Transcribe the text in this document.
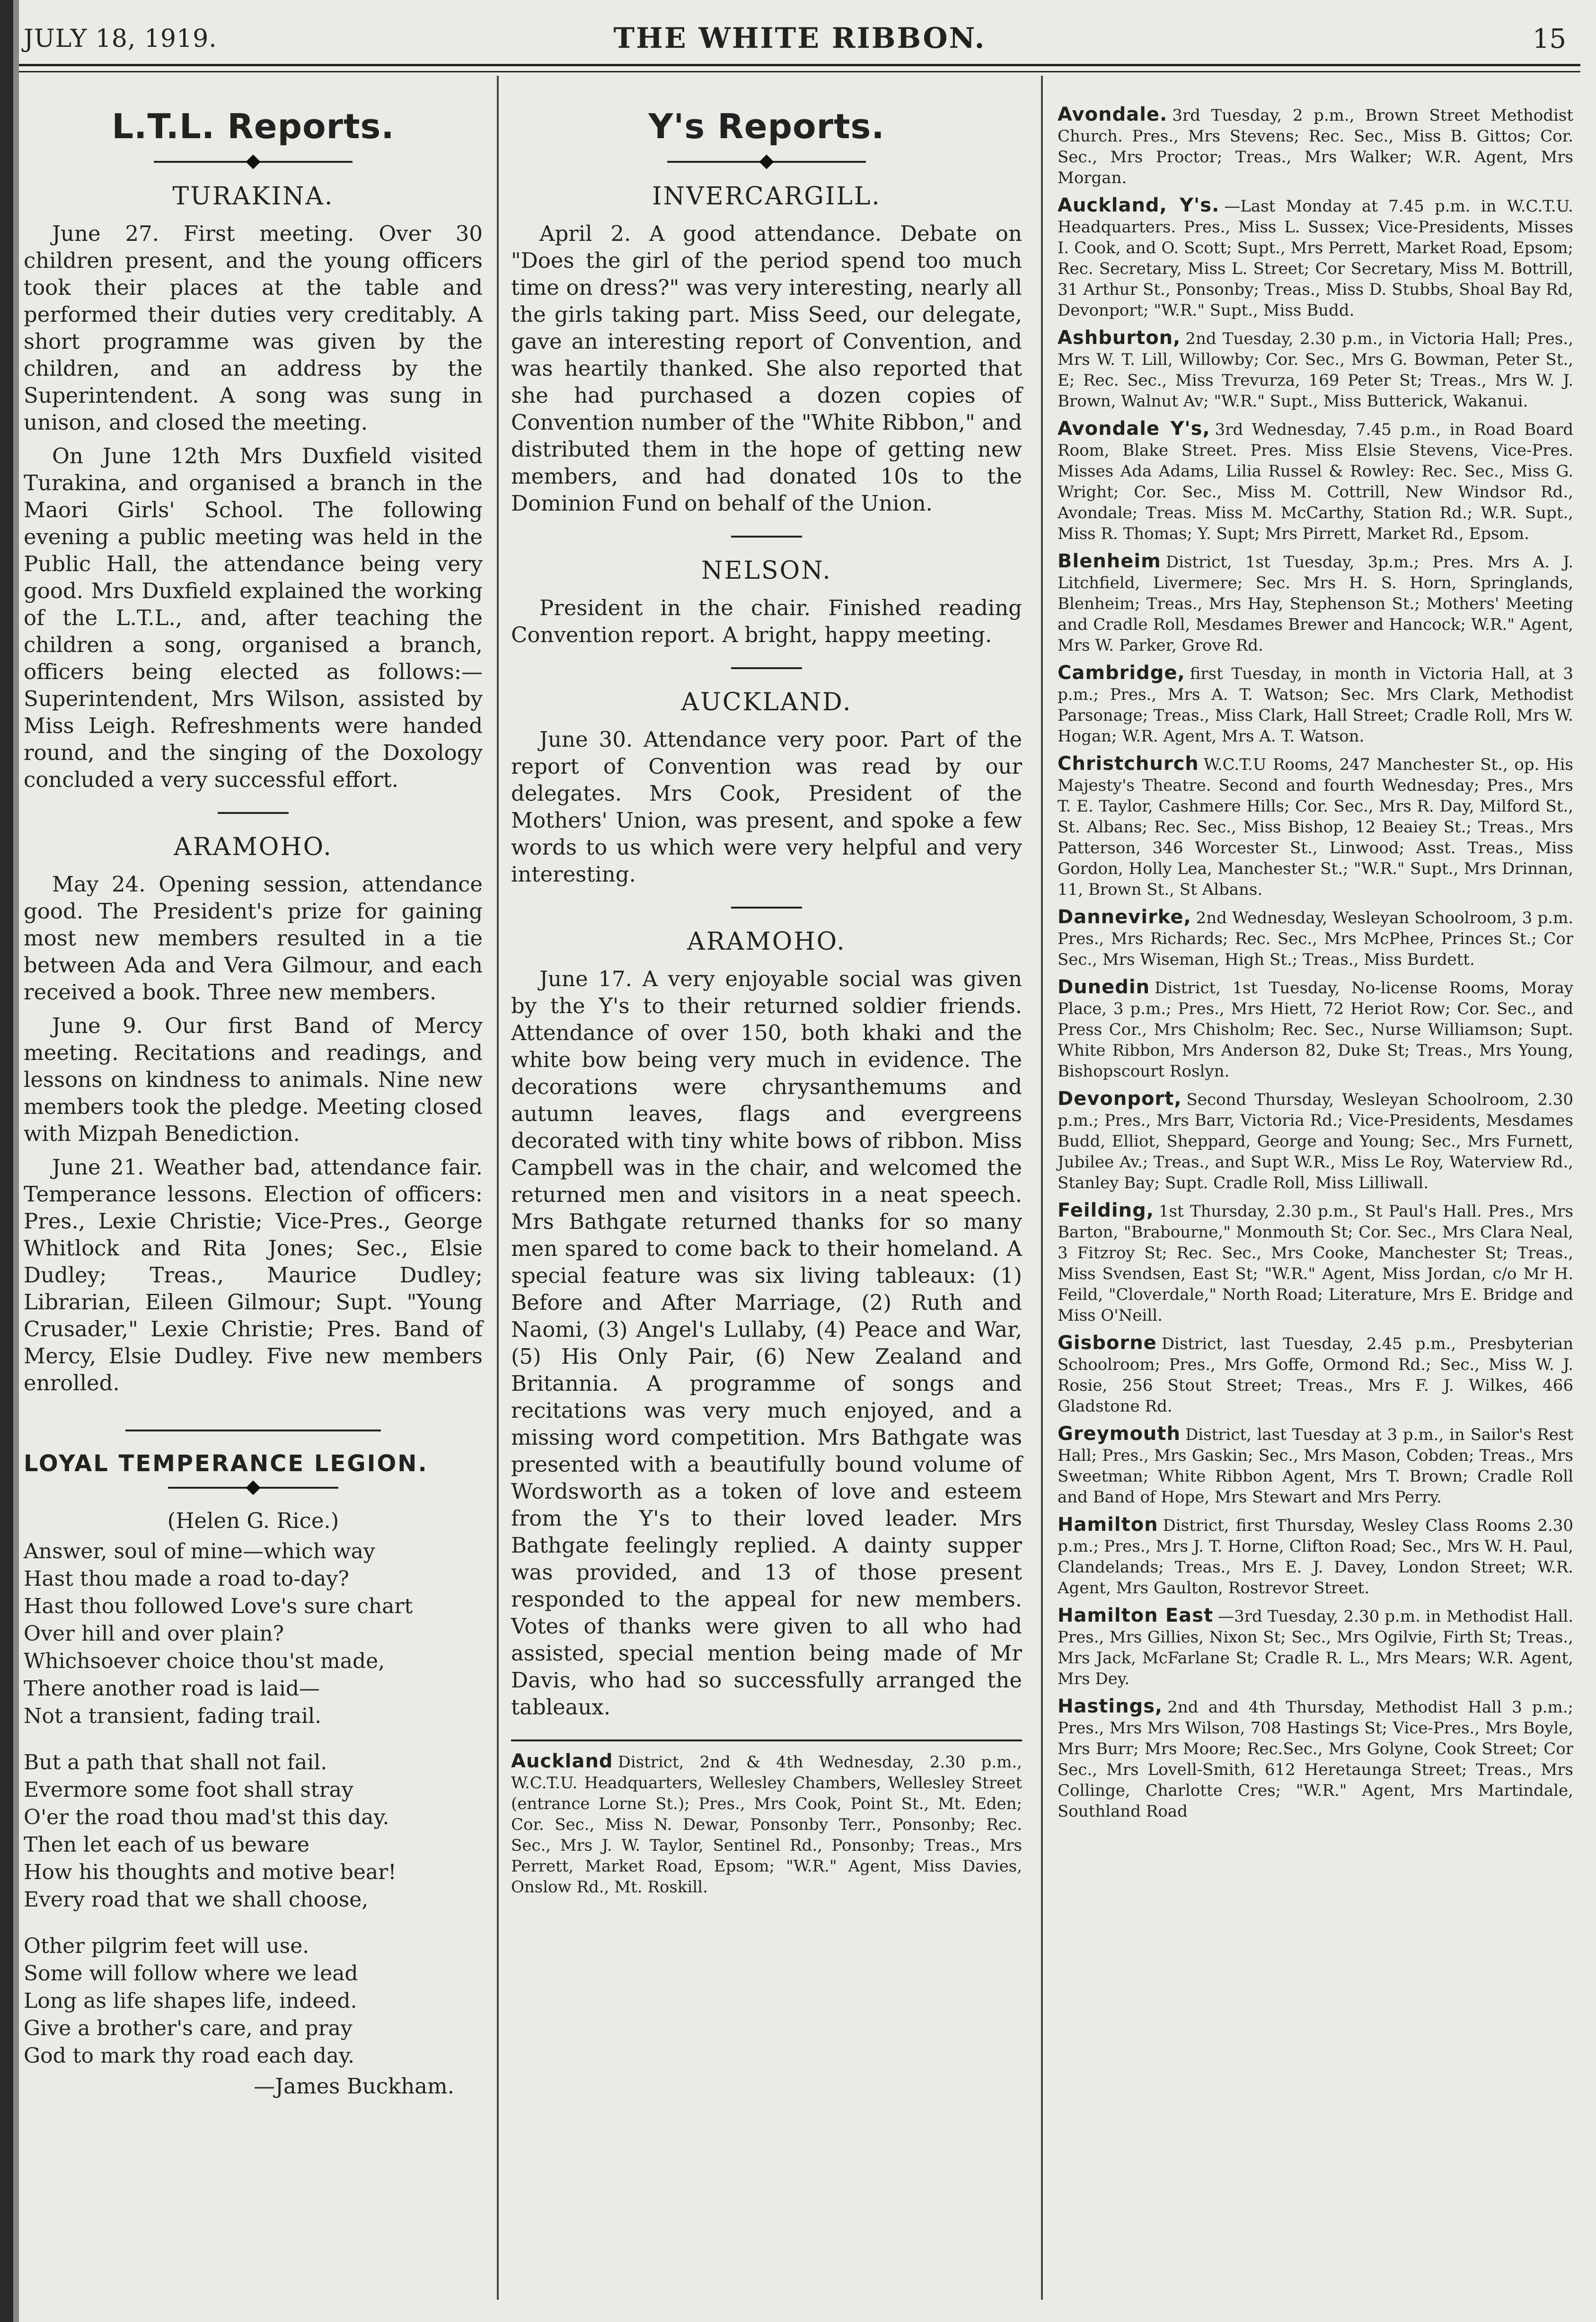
JULY 18, 1919.	THE WHITE RIBBON.	15
L.T.L. Reports.
TURAKINA.

June 27. First meeting. Over 30 children present, and the young officers took their places at the table and performed their duties very creditably. A short programme was given by the children, and an address by the Superintendent. A song was sung in unison, and closed the meeting.

On June 12th Mrs Duxfield visited Turakina, and organised a branch in the Maori Girls' School. The following evening a public meeting was held in the Public Hall, the attendance being very good. Mrs Duxfield explained the working of the L.T.L., and, after teaching the children a song, organised a branch, officers being elected as follows:— Superintendent, Mrs Wilson, assisted by Miss Leigh. Refreshments were handed round, and the singing of the Doxology concluded a very successful effort.

ARAMOHO.

May 24. Opening session, attendance good. The President's prize for gaining most new members resulted in a tie between Ada and Vera Gilmour, and each received a book. Three new members.

June 9. Our first Band of Mercy meeting. Recitations and readings, and lessons on kindness to animals. Nine new members took the pledge. Meeting closed with Mizpah Benediction.

June 21. Weather bad, attendance fair. Temperance lessons. Election of officers: Pres., Lexie Christie; Vice-Pres., George Whitlock and Rita Jones; Sec., Elsie Dudley; Treas., Maurice Dudley; Librarian, Eileen Gilmour; Supt. "Young Crusader," Lexie Christie; Pres. Band of Mercy, Elsie Dudley. Five new members enrolled.

LOYAL TEMPERANCE LEGION.
(Helen G. Rice.)
Answer, soul of mine—which way
Hast thou made a road to-day?
Hast thou followed Love's sure chart
Over hill and over plain?
Whichsoever choice thou'st made,
There another road is laid—
Not a transient, fading trail.
But a path that shall not fail.
Evermore some foot shall stray
O'er the road thou mad'st this day.
Then let each of us beware
How his thoughts and motive bear!
Every road that we shall choose,
Other pilgrim feet will use.
Some will follow where we lead
Long as life shapes life, indeed.
Give a brother's care, and pray
God to mark thy road each day.
—James Buckham.
Y's Reports.
INVERCARGILL.

April 2. A good attendance. Debate on "Does the girl of the period spend too much time on dress?" was very interesting, nearly all the girls taking part. Miss Seed, our delegate, gave an interesting report of Convention, and was heartily thanked. She also reported that she had purchased a dozen copies of Convention number of the "White Ribbon," and distributed them in the hope of getting new members, and had donated 10s to the Dominion Fund on behalf of the Union.

NELSON.

President in the chair. Finished reading Convention report. A bright, happy meeting.

AUCKLAND.

June 30. Attendance very poor. Part of the report of Convention was read by our delegates. Mrs Cook, President of the Mothers' Union, was present, and spoke a few words to us which were very helpful and very interesting.

ARAMOHO.

June 17. A very enjoyable social was given by the Y's to their returned soldier friends. Attendance of over 150, both khaki and the white bow being very much in evidence. The decorations were chrysanthemums and autumn leaves, flags and evergreens decorated with tiny white bows of ribbon. Miss Campbell was in the chair, and welcomed the returned men and visitors in a neat speech. Mrs Bathgate returned thanks for so many men spared to come back to their homeland. A special feature was six living tableaux: (1) Before and After Marriage, (2) Ruth and Naomi, (3) Angel's Lullaby, (4) Peace and War, (5) His Only Pair, (6) New Zealand and Britannia. A programme of songs and recitations was very much enjoyed, and a missing word competition. Mrs Bathgate was presented with a beautifully bound volume of Wordsworth as a token of love and esteem from the Y's to their loved leader. Mrs Bathgate feelingly replied. A dainty supper was provided, and 13 of those present responded to the appeal for new members. Votes of thanks were given to all who had assisted, special mention being made of Mr Davis, who had so successfully arranged the tableaux.

Auckland District, 2nd & 4th Wednesday, 2.30 p.m., W.C.T.U. Headquarters, Wellesley Chambers, Wellesley Street (entrance Lorne St.); Pres., Mrs Cook, Point St., Mt. Eden; Cor. Sec., Miss N. Dewar, Ponsonby Terr., Ponsonby; Rec. Sec., Mrs J. W. Taylor, Sentinel Rd., Ponsonby; Treas., Mrs Perrett, Market Road, Epsom; "W.R." Agent, Miss Davies, Onslow Rd., Mt. Roskill.

Avondale. 3rd Tuesday, 2 p.m., Brown Street Methodist Church. Pres., Mrs Stevens; Rec. Sec., Miss B. Gittos; Cor. Sec., Mrs Proctor; Treas., Mrs Walker; W.R. Agent, Mrs Morgan.

Auckland, Y's. —Last Monday at 7.45 p.m. in W.C.T.U. Headquarters. Pres., Miss L. Sussex; Vice-Presidents, Misses I. Cook, and O. Scott; Supt., Mrs Perrett, Market Road, Epsom; Rec. Secretary, Miss L. Street; Cor Secretary, Miss M. Bottrill, 31 Arthur St., Ponsonby; Treas., Miss D. Stubbs, Shoal Bay Rd, Devonport; "W.R." Supt., Miss Budd.

Ashburton, 2nd Tuesday, 2.30 p.m., in Victoria Hall; Pres., Mrs W. T. Lill, Willowby; Cor. Sec., Mrs G. Bowman, Peter St., E; Rec. Sec., Miss Trevurza, 169 Peter St; Treas., Mrs W. J. Brown, Walnut Av; "W.R." Supt., Miss Butterick, Wakanui.

Avondale Y's, 3rd Wednesday, 7.45 p.m., in Road Board Room, Blake Street. Pres. Miss Elsie Stevens, Vice-Pres. Misses Ada Adams, Lilia Russel & Rowley: Rec. Sec., Miss G. Wright; Cor. Sec., Miss M. Cottrill, New Windsor Rd., Avondale; Treas. Miss M. McCarthy, Station Rd.; W.R. Supt., Miss R. Thomas; Y. Supt; Mrs Pirrett, Market Rd., Epsom.

Blenheim District, 1st Tuesday, 3p.m.; Pres. Mrs A. J. Litchfield, Livermere; Sec. Mrs H. S. Horn, Springlands, Blenheim; Treas., Mrs Hay, Stephenson St.; Mothers' Meeting and Cradle Roll, Mesdames Brewer and Hancock; W.R." Agent, Mrs W. Parker, Grove Rd.

Cambridge, first Tuesday, in month in Victoria Hall, at 3 p.m.; Pres., Mrs A. T. Watson; Sec. Mrs Clark, Methodist Parsonage; Treas., Miss Clark, Hall Street; Cradle Roll, Mrs W. Hogan; W.R. Agent, Mrs A. T. Watson.

Christchurch W.C.T.U Rooms, 247 Manchester St., op. His Majesty's Theatre. Second and fourth Wednesday; Pres., Mrs T. E. Taylor, Cashmere Hills; Cor. Sec., Mrs R. Day, Milford St., St. Albans; Rec. Sec., Miss Bishop, 12 Beaiey St.; Treas., Mrs Patterson, 346 Worcester St., Linwood; Asst. Treas., Miss Gordon, Holly Lea, Manchester St.; "W.R." Supt., Mrs Drinnan, 11, Brown St., St Albans.

Dannevirke, 2nd Wednesday, Wesleyan Schoolroom, 3 p.m. Pres., Mrs Richards; Rec. Sec., Mrs McPhee, Princes St.; Cor Sec., Mrs Wiseman, High St.; Treas., Miss Burdett.

Dunedin District, 1st Tuesday, No-license Rooms, Moray Place, 3 p.m.; Pres., Mrs Hiett, 72 Heriot Row; Cor. Sec., and Press Cor., Mrs Chisholm; Rec. Sec., Nurse Williamson; Supt. White Ribbon, Mrs Anderson 82, Duke St; Treas., Mrs Young, Bishopscourt Roslyn.

Devonport, Second Thursday, Wesleyan Schoolroom, 2.30 p.m.; Pres., Mrs Barr, Victoria Rd.; Vice-Presidents, Mesdames Budd, Elliot, Sheppard, George and Young; Sec., Mrs Furnett, Jubilee Av.; Treas., and Supt W.R., Miss Le Roy, Waterview Rd., Stanley Bay; Supt. Cradle Roll, Miss Lilliwall.

Feilding, 1st Thursday, 2.30 p.m., St Paul's Hall. Pres., Mrs Barton, "Brabourne," Monmouth St; Cor. Sec., Mrs Clara Neal, 3 Fitzroy St; Rec. Sec., Mrs Cooke, Manchester St; Treas., Miss Svendsen, East St; "W.R." Agent, Miss Jordan, c/o Mr H. Feild, "Cloverdale," North Road; Literature, Mrs E. Bridge and Miss O'Neill.

Gisborne District, last Tuesday, 2.45 p.m., Presbyterian Schoolroom; Pres., Mrs Goffe, Ormond Rd.; Sec., Miss W. J. Rosie, 256 Stout Street; Treas., Mrs F. J. Wilkes, 466 Gladstone Rd.

Greymouth District, last Tuesday at 3 p.m., in Sailor's Rest Hall; Pres., Mrs Gaskin; Sec., Mrs Mason, Cobden; Treas., Mrs Sweetman; White Ribbon Agent, Mrs T. Brown; Cradle Roll and Band of Hope, Mrs Stewart and Mrs Perry.

Hamilton District, first Thursday, Wesley Class Rooms 2.30 p.m.; Pres., Mrs J. T. Horne, Clifton Road; Sec., Mrs W. H. Paul, Clandelands; Treas., Mrs E. J. Davey, London Street; W.R. Agent, Mrs Gaulton, Rostrevor Street.

Hamilton East —3rd Tuesday, 2.30 p.m. in Methodist Hall. Pres., Mrs Gillies, Nixon St; Sec., Mrs Ogilvie, Firth St; Treas., Mrs Jack, McFarlane St; Cradle R. L., Mrs Mears; W.R. Agent, Mrs Dey.

Hastings, 2nd and 4th Thursday, Methodist Hall 3 p.m.; Pres., Mrs Mrs Wilson, 708 Hastings St; Vice-Pres., Mrs Boyle, Mrs Burr; Mrs Moore; Rec.Sec., Mrs Golyne, Cook Street; Cor Sec., Mrs Lovell-Smith, 612 Heretaunga Street; Treas., Mrs Collinge, Charlotte Cres; "W.R." Agent, Mrs Martindale, Southland Road
